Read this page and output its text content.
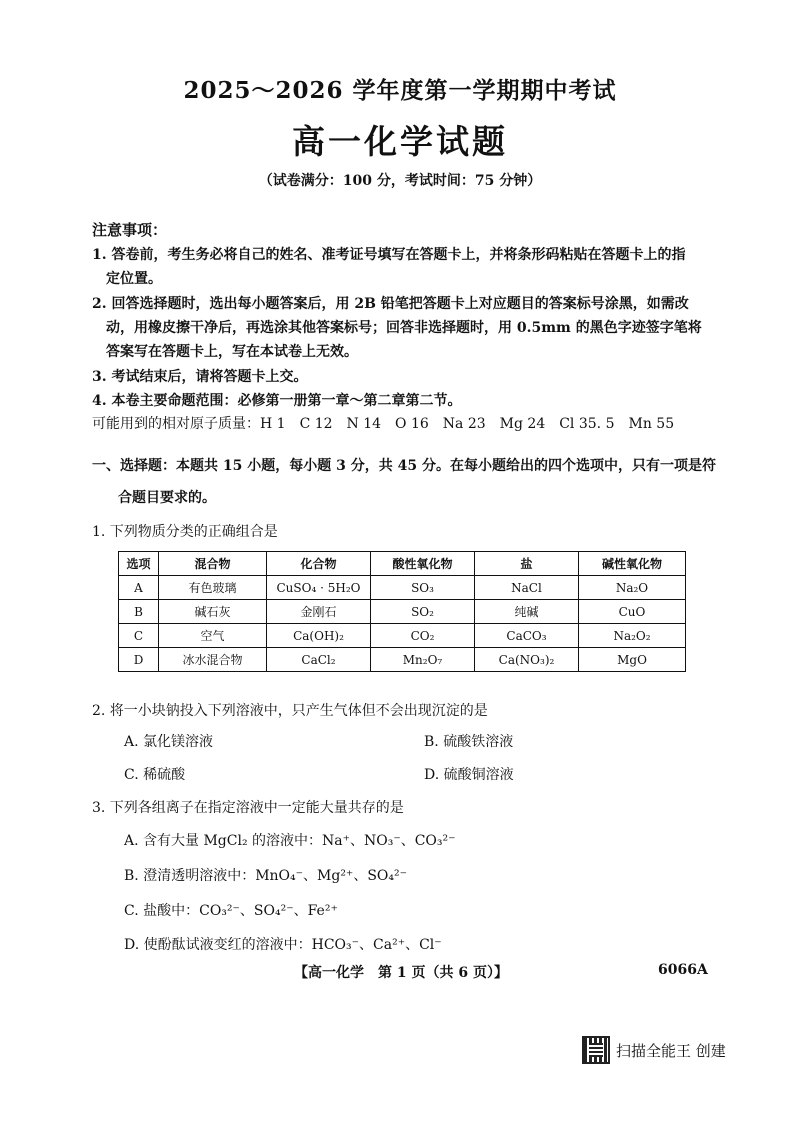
2025～2026 学年度第一学期期中考试
高一化学试题
（试卷满分：100 分，考试时间：75 分钟）
注意事项：
1. 答卷前，考生务必将自己的姓名、准考证号填写在答题卡上，并将条形码粘贴在答题卡上的指
定位置。
2. 回答选择题时，选出每小题答案后，用 2B 铅笔把答题卡上对应题目的答案标号涂黑，如需改
动，用橡皮擦干净后，再选涂其他答案标号；回答非选择题时，用 0.5mm 的黑色字迹签字笔将
答案写在答题卡上，写在本试卷上无效。
3. 考试结束后，请将答题卡上交。
4. 本卷主要命题范围：必修第一册第一章～第二章第二节。
可能用到的相对原子质量：H 1　C 12　N 14　O 16　Na 23　Mg 24　Cl 35. 5　Mn 55
一、选择题：本题共 15 小题，每小题 3 分，共 45 分。在每小题给出的四个选项中，只有一项是符
合题目要求的。
1. 下列物质分类的正确组合是
选项	混合物	化合物	酸性氧化物	盐	碱性氧化物
A	有色玻璃	CuSO₄ · 5H₂O	SO₃	NaCl	Na₂O
B	碱石灰	金刚石	SO₂	纯碱	CuO
C	空气	Ca(OH)₂	CO₂	CaCO₃	Na₂O₂
D	冰水混合物	CaCl₂	Mn₂O₇	Ca(NO₃)₂	MgO
2. 将一小块钠投入下列溶液中，只产生气体但不会出现沉淀的是
A. 氯化镁溶液	B. 硫酸铁溶液
C. 稀硫酸	D. 硫酸铜溶液
3. 下列各组离子在指定溶液中一定能大量共存的是
A. 含有大量 MgCl₂ 的溶液中：Na⁺、NO₃⁻、CO₃²⁻
B. 澄清透明溶液中：MnO₄⁻、Mg²⁺、SO₄²⁻
C. 盐酸中：CO₃²⁻、SO₄²⁻、Fe²⁺
D. 使酚酞试液变红的溶液中：HCO₃⁻、Ca²⁺、Cl⁻
【高一化学　第 1 页（共 6 页）】	6066A
扫描全能王 创建
